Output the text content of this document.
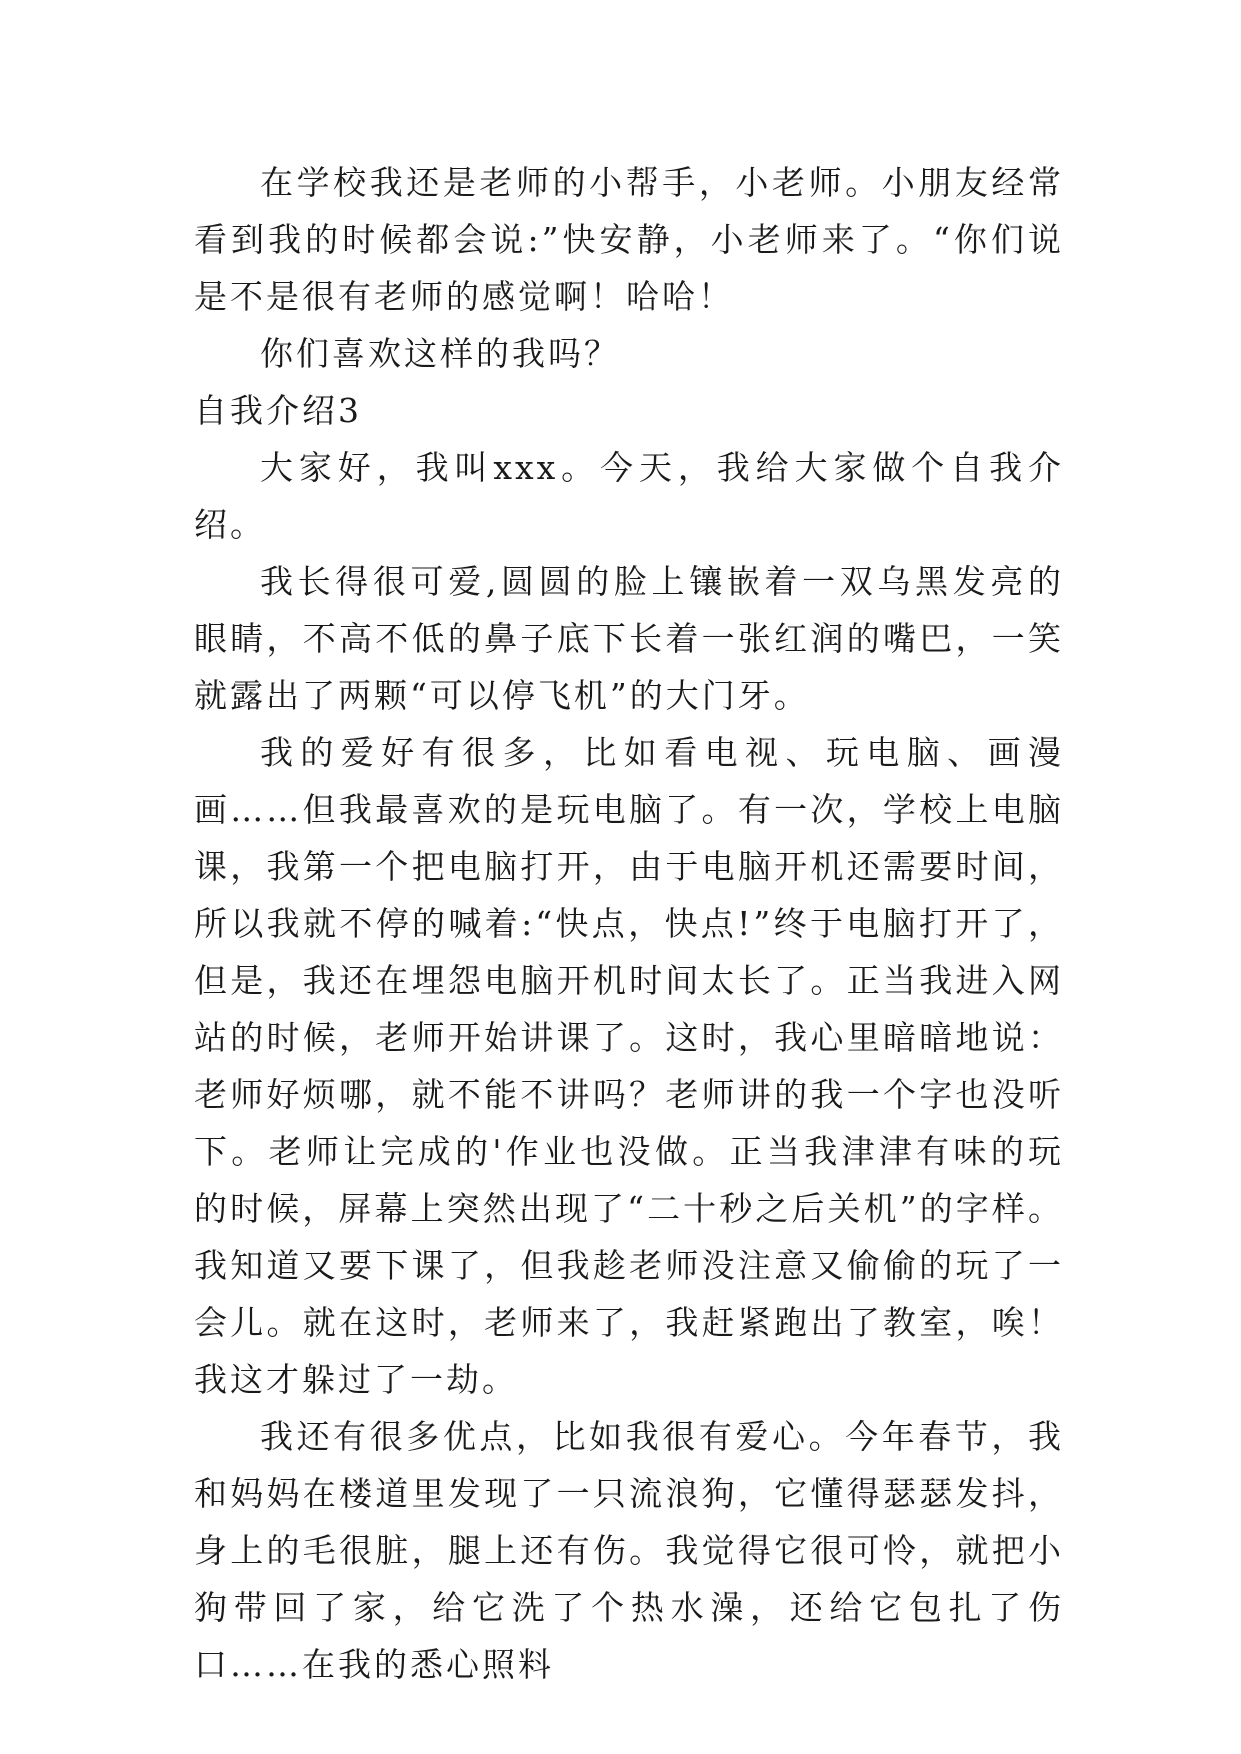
在学校我还是老师的小帮手，小老师。小朋友经常看到我的时候都会说:”快安静，小老师来了。“你们说是不是很有老师的感觉啊！哈哈！

你们喜欢这样的我吗？

自我介绍3

大家好，我叫xxx。今天，我给大家做个自我介绍。

我长得很可爱,圆圆的脸上镶嵌着一双乌黑发亮的眼睛，不高不低的鼻子底下长着一张红润的嘴巴，一笑就露出了两颗“可以停飞机”的大门牙。

我的爱好有很多，比如看电视、玩电脑、画漫画……但我最喜欢的是玩电脑了。有一次，学校上电脑课，我第一个把电脑打开，由于电脑开机还需要时间，所以我就不停的喊着:“快点，快点!”终于电脑打开了，但是，我还在埋怨电脑开机时间太长了。正当我进入网站的时候，老师开始讲课了。这时，我心里暗暗地说：老师好烦哪，就不能不讲吗？老师讲的我一个字也没听下。老师让完成的'作业也没做。正当我津津有味的玩的时候，屏幕上突然出现了“二十秒之后关机”的字样。我知道又要下课了，但我趁老师没注意又偷偷的玩了一会儿。就在这时，老师来了，我赶紧跑出了教室，唉！我这才躲过了一劫。

我还有很多优点，比如我很有爱心。今年春节，我和妈妈在楼道里发现了一只流浪狗，它懂得瑟瑟发抖，身上的毛很脏，腿上还有伤。我觉得它很可怜，就把小狗带回了家，给它洗了个热水澡，还给它包扎了伤口……在我的悉心照料
